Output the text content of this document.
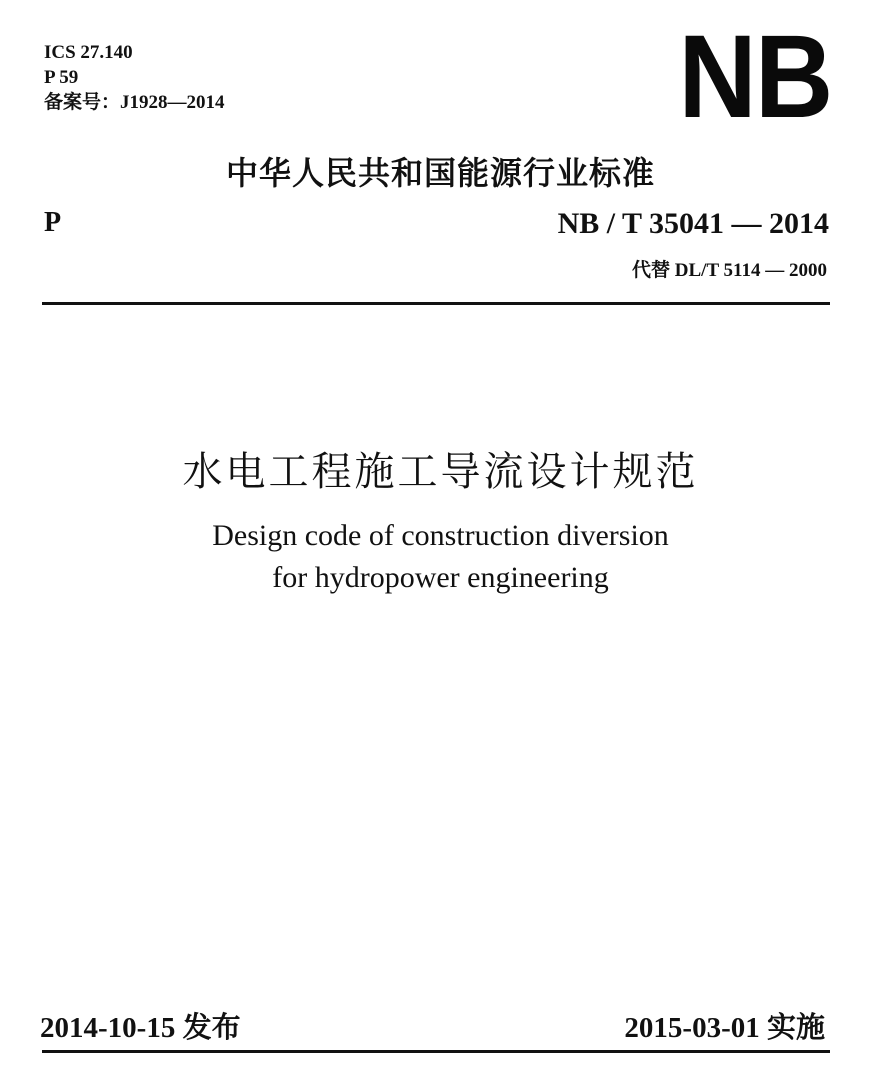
ICS 27.140
P 59
备案号：J1928—2014	NB
中华人民共和国能源行业标准
P	NB / T 35041 — 2014
代替 DL/T 5114 — 2000
水电工程施工导流设计规范
Design code of construction diversion
for hydropower engineering
2014-10-15 发布	2015-03-01 实施
